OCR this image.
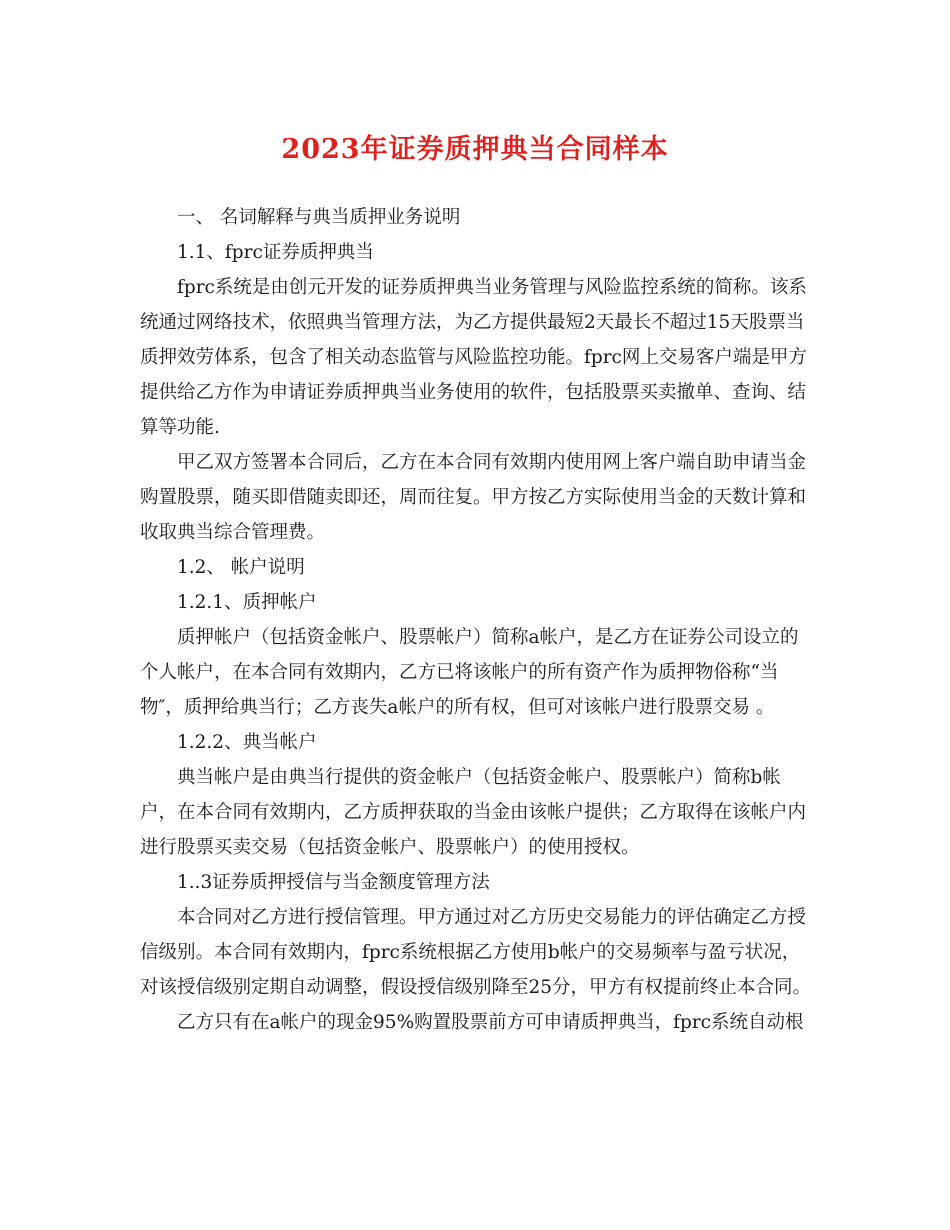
2023年证券质押典当合同样本

一、 名词解释与典当质押业务说明

1.1、fprc证券质押典当

fprc系统是由创元开发的证券质押典当业务管理与风险监控系统的简称。该系统通过网络技术，依照典当管理方法，为乙方提供最短2天最长不超过15天股票当质押效劳体系，包含了相关动态监管与风险监控功能。fprc网上交易客户端是甲方提供给乙方作为申请证券质押典当业务使用的软件，包括股票买卖撤单、查询、结算等功能.

甲乙双方签署本合同后，乙方在本合同有效期内使用网上客户端自助申请当金购置股票，随买即借随卖即还，周而往复。甲方按乙方实际使用当金的天数计算和收取典当综合管理费。

1.2、 帐户说明

1.2.1、质押帐户

质押帐户（包括资金帐户、股票帐户）简称a帐户，是乙方在证券公司设立的个人帐户，在本合同有效期内，乙方已将该帐户的所有资产作为质押物俗称“当物″，质押给典当行；乙方丧失a帐户的所有权，但可对该帐户进行股票交易 。

1.2.2、典当帐户

典当帐户是由典当行提供的资金帐户（包括资金帐户、股票帐户）简称b帐户，在本合同有效期内，乙方质押获取的当金由该帐户提供；乙方取得在该帐户内进行股票买卖交易（包括资金帐户、股票帐户）的使用授权。

1..3证券质押授信与当金额度管理方法

本合同对乙方进行授信管理。甲方通过对乙方历史交易能力的评估确定乙方授信级别。本合同有效期内，fprc系统根据乙方使用b帐户的交易频率与盈亏状况，对该授信级别定期自动调整，假设授信级别降至25分，甲方有权提前终止本合同。

乙方只有在a帐户的现金95%购置股票前方可申请质押典当，fprc系统自动根
